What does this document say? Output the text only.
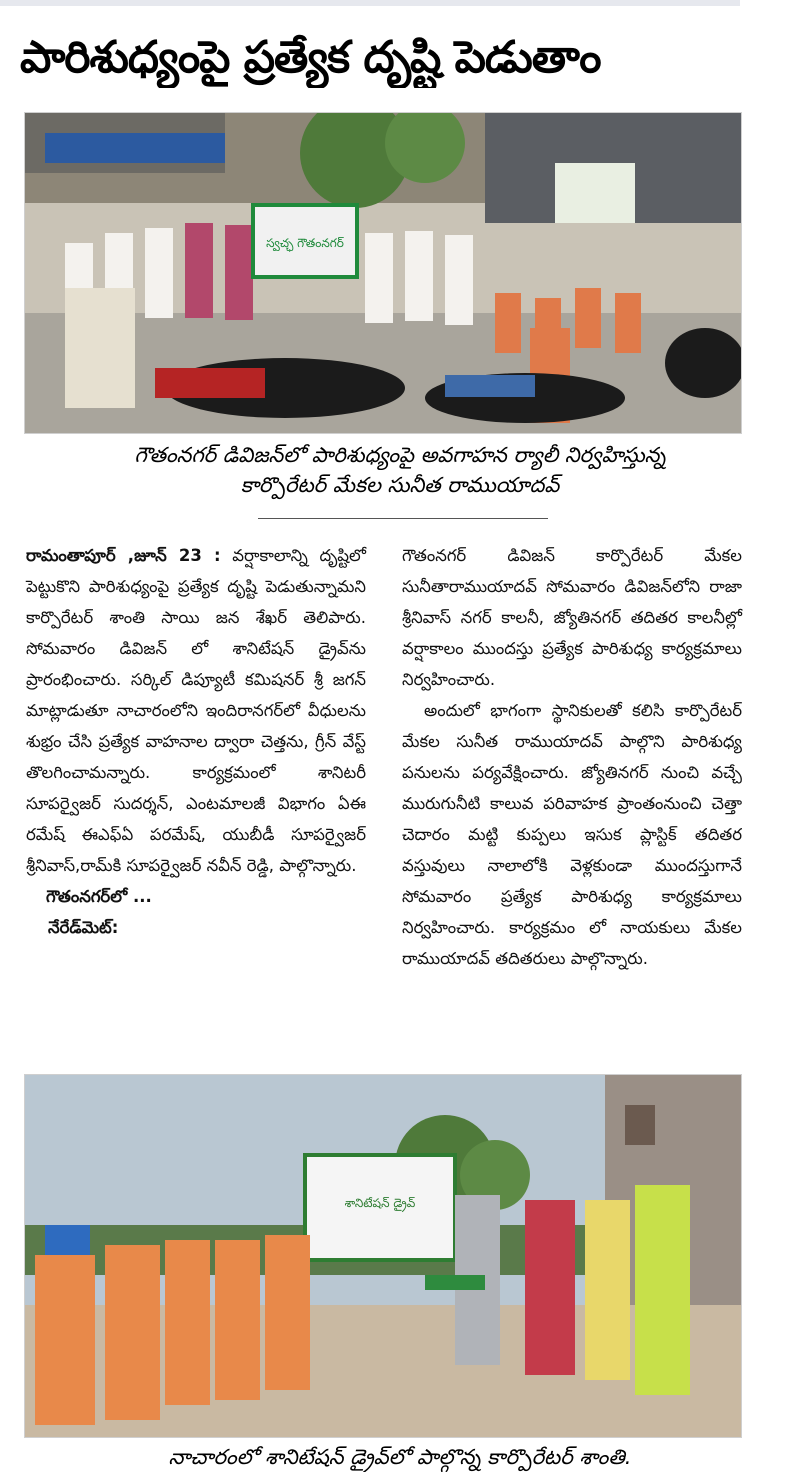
పారిశుధ్యంపై ప్రత్యేక దృష్టి పెడుతాం
స్వచ్ఛ గౌతంనగర్
గౌతంనగర్ డివిజన్‌లో పారిశుధ్యంపై అవగాహన ర్యాలీ నిర్వహిస్తున్న
కార్పొరేటర్ మేకల సునీత రాముయాదవ్

రామంతాపూర్ ,జూన్ 23 : వర్షాకాలాన్ని దృష్టిలో పెట్టుకొని పారిశుధ్యంపై ప్రత్యేక దృష్టి పెడుతున్నామని కార్పొరేటర్ శాంతి సాయి జన శేఖర్ తెలిపారు. సోమవారం డివిజన్ లో శానిటేషన్ డ్రైవ్‌ను ప్రారంభించారు. సర్కిల్ డిప్యూటీ కమిషనర్ శ్రీ జగన్ మాట్లాడుతూ నాచారంలోని ఇందిరానగర్‌లో వీధులను శుభ్రం చేసి ప్రత్యేక వాహనాల ద్వారా చెత్తను, గ్రీన్ వేస్ట్ తొలగించామన్నారు. కార్యక్రమంలో శానిటరీ సూపర్వైజర్ సుదర్శన్, ఎంటమాలజీ విభాగం ఏఈ రమేష్ ఈఎఫ్ఏ పరమేష్, యుబీడీ సూపర్వైజర్ శ్రీనివాస్,రామ్‌కి సూపర్వైజర్ నవీన్ రెడ్డి, పాల్గొన్నారు.

గౌతంనగర్‌లో ...

నేరేడ్‌మెట్:

గౌతంనగర్ డివిజన్ కార్పొరేటర్ మేకల సునీతారాముయాదవ్ సోమవారం డివిజన్‌లోని రాజా శ్రీనివాస్ నగర్ కాలనీ, జ్యోతినగర్ తదితర కాలనీల్లో వర్షాకాలం ముందస్తు ప్రత్యేక పారిశుధ్య కార్యక్రమాలు నిర్వహించారు.

అందులో భాగంగా స్థానికులతో కలిసి కార్పొరేటర్ మేకల సునీత రాముయాదవ్ పాల్గొని పారిశుధ్య పనులను పర్యవేక్షించారు. జ్యోతినగర్ నుంచి వచ్చే మురుగునీటి కాలువ పరివాహక ప్రాంతంనుంచి చెత్తా చెదారం మట్టి కుప్పలు ఇసుక ప్లాస్టిక్ తదితర వస్తువులు నాలాలోకి వెళ్లకుండా ముందస్తుగానే సోమవారం ప్రత్యేక పారిశుధ్య కార్యక్రమాలు నిర్వహించారు. కార్యక్రమం లో నాయకులు మేకల రాముయాదవ్ తదితరులు పాల్గొన్నారు.

శానిటేషన్ డ్రైవ్
నాచారంలో శానిటేషన్ డ్రైవ్‌లో పాల్గొన్న కార్పొరేటర్ శాంతి.
